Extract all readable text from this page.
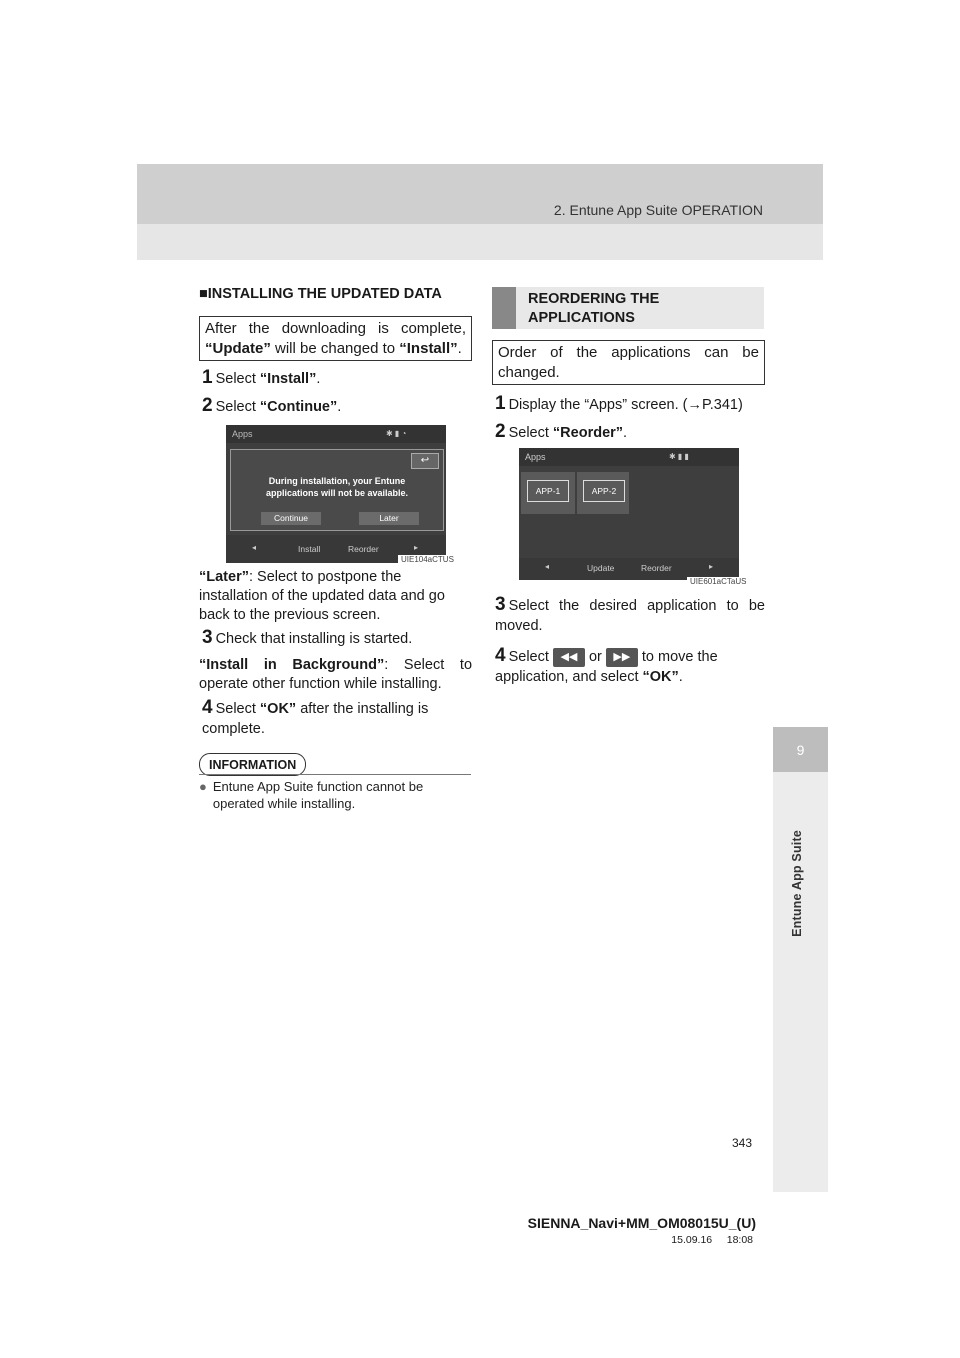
2. Entune App Suite OPERATION
9
Entune App Suite
■INSTALLING THE UPDATED DATA
After the downloading is complete, “Update” will be changed to “Install”.
1 Select “Install”.
2 Select “Continue”.
Apps	✱ ▮ ◔
↩
During installation, your Entune
applications will not be available.
Continue	Later
◂	Install	Reorder	▸
UIE104aCTUS
“Later”: Select to postpone the installation of the updated data and go back to the previous screen.
3 Check that installing is started.
“Install in Background”: Select to operate other function while installing.
4 Select “OK” after the installing is complete.
INFORMATION
● Entune App Suite function cannot be operated while installing.
REORDERING THE
APPLICATIONS
Order of the applications can be changed.
1 Display the “Apps” screen. (→P.341)
2 Select “Reorder”.
Apps	✱ ▮ ▮
APP-1	APP-2
◂	Update	Reorder	▸
UIE601aCTaUS
3 Select the desired application to be moved.
4 Select ◀◀ or ▶▶ to move the application, and select “OK”.
343
SIENNA_Navi+MM_OM08015U_(U)
15.09.16     18:08
